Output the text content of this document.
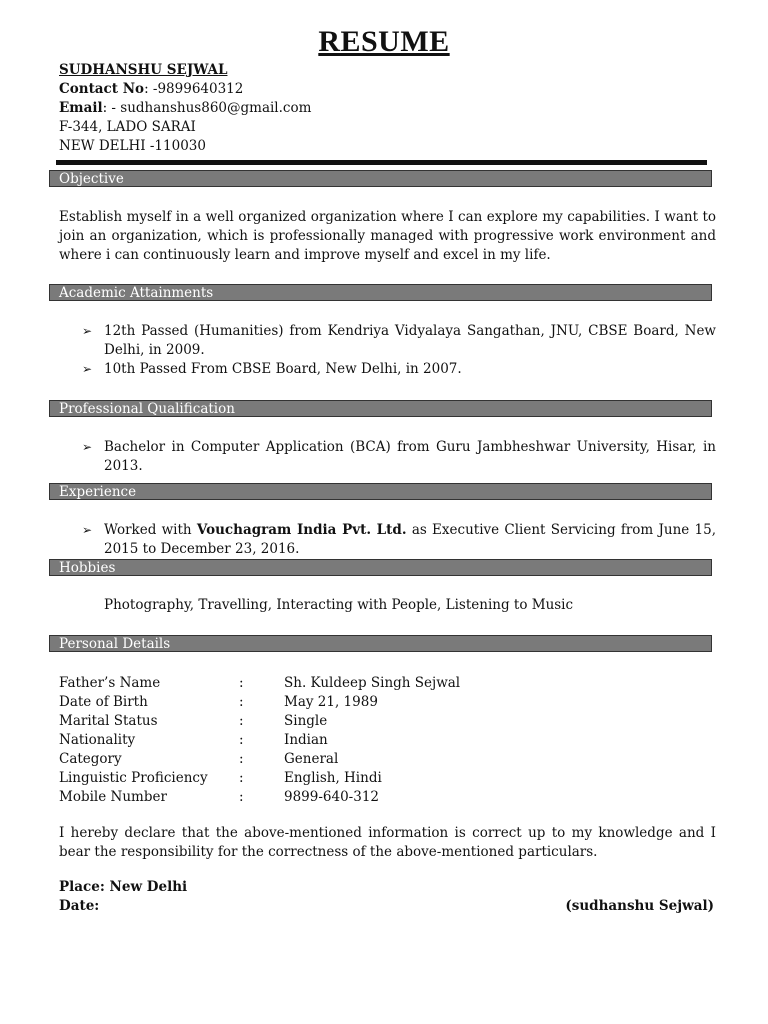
RESUME
SUDHANSHU SEJWAL
Contact No: -9899640312
Email: - sudhanshus860@gmail.com
F-344, LADO SARAI
NEW DELHI -110030
Objective
Establish myself in a well organized organization where I can explore my capabilities. I want to join an organization, which is professionally managed with progressive work environment and where i can continuously learn and improve myself and excel in my life.
Academic Attainments
➢ 12th Passed (Humanities) from Kendriya Vidyalaya Sangathan, JNU, CBSE Board, New Delhi, in 2009.
➢ 10th Passed From CBSE Board, New Delhi, in 2007.
Professional Qualification
➢ Bachelor in Computer Application (BCA) from Guru Jambheshwar University, Hisar, in 2013.
Experience
➢ Worked with Vouchagram India Pvt. Ltd. as Executive Client Servicing from June 15, 2015 to December 23, 2016.
Hobbies
Photography, Travelling, Interacting with People, Listening to Music
Personal Details
Father’s Name	:	Sh. Kuldeep Singh Sejwal
Date of Birth	:	May 21, 1989
Marital Status	:	Single
Nationality	:	Indian
Category	:	General
Linguistic Proficiency	:	English, Hindi
Mobile Number	:	9899-640-312
I hereby declare that the above-mentioned information is correct up to my knowledge and I bear the responsibility for the correctness of the above-mentioned particulars.
Place: New Delhi
Date:	(sudhanshu Sejwal)
